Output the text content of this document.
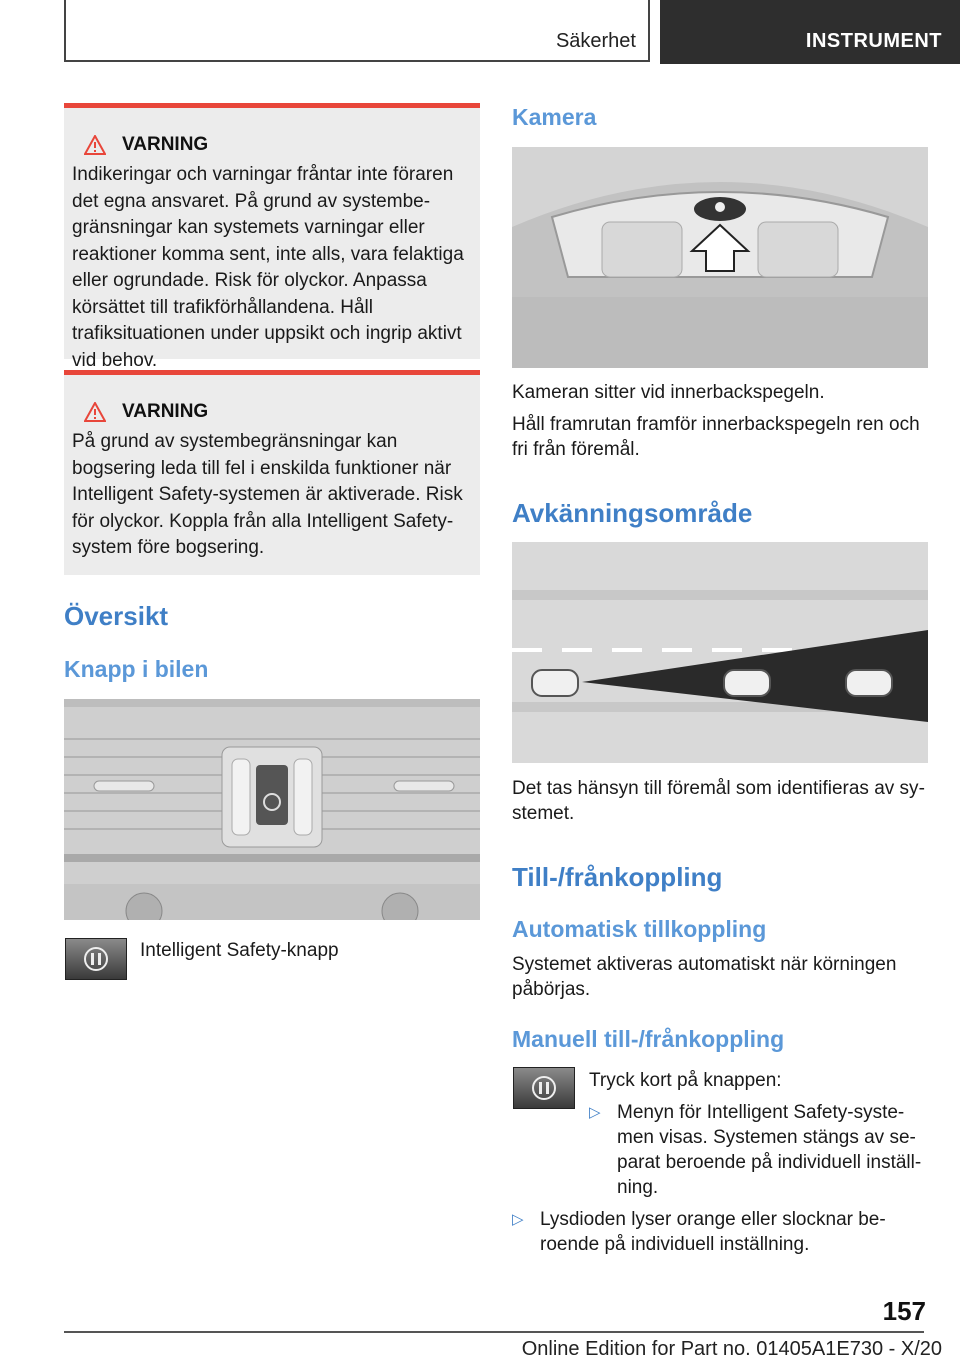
Säkerhet	INSTRUMENT
VARNING
Indikeringar och varningar fråntar inte föraren det egna ansvaret. På grund av systembegränsningar kan systemets varningar eller reaktioner komma sent, inte alls, vara felaktiga eller ogrundade. Risk för olyckor. Anpassa körsättet till trafikförhållandena. Håll trafiksituationen under uppsikt och ingrip aktivt vid behov.
VARNING
På grund av systembegränsningar kan bogsering leda till fel i enskilda funktioner när Intelligent Safety-systemen är aktiverade. Risk för olyckor. Koppla från alla Intelligent Safety-system före bogsering.
Översikt
Knapp i bilen
Intelligent Safety-knapp
Kamera
Kameran sitter vid innerbackspegeln.
Håll framrutan framför innerbackspegeln ren och fri från föremål.
Avkänningsområde
Det tas hänsyn till föremål som identifieras av systemet.
Till-/frånkoppling
Automatisk tillkoppling
Systemet aktiveras automatiskt när körningen påbörjas.
Manuell till-/frånkoppling
Tryck kort på knappen:
▷ Menyn för Intelligent Safety-systemen visas. Systemen stängs av separat beroende på individuell inställning.
▷ Lysdioden lyser orange eller slocknar beroende på individuell inställning.
157
Online Edition for Part no. 01405A1E730 - X/20
